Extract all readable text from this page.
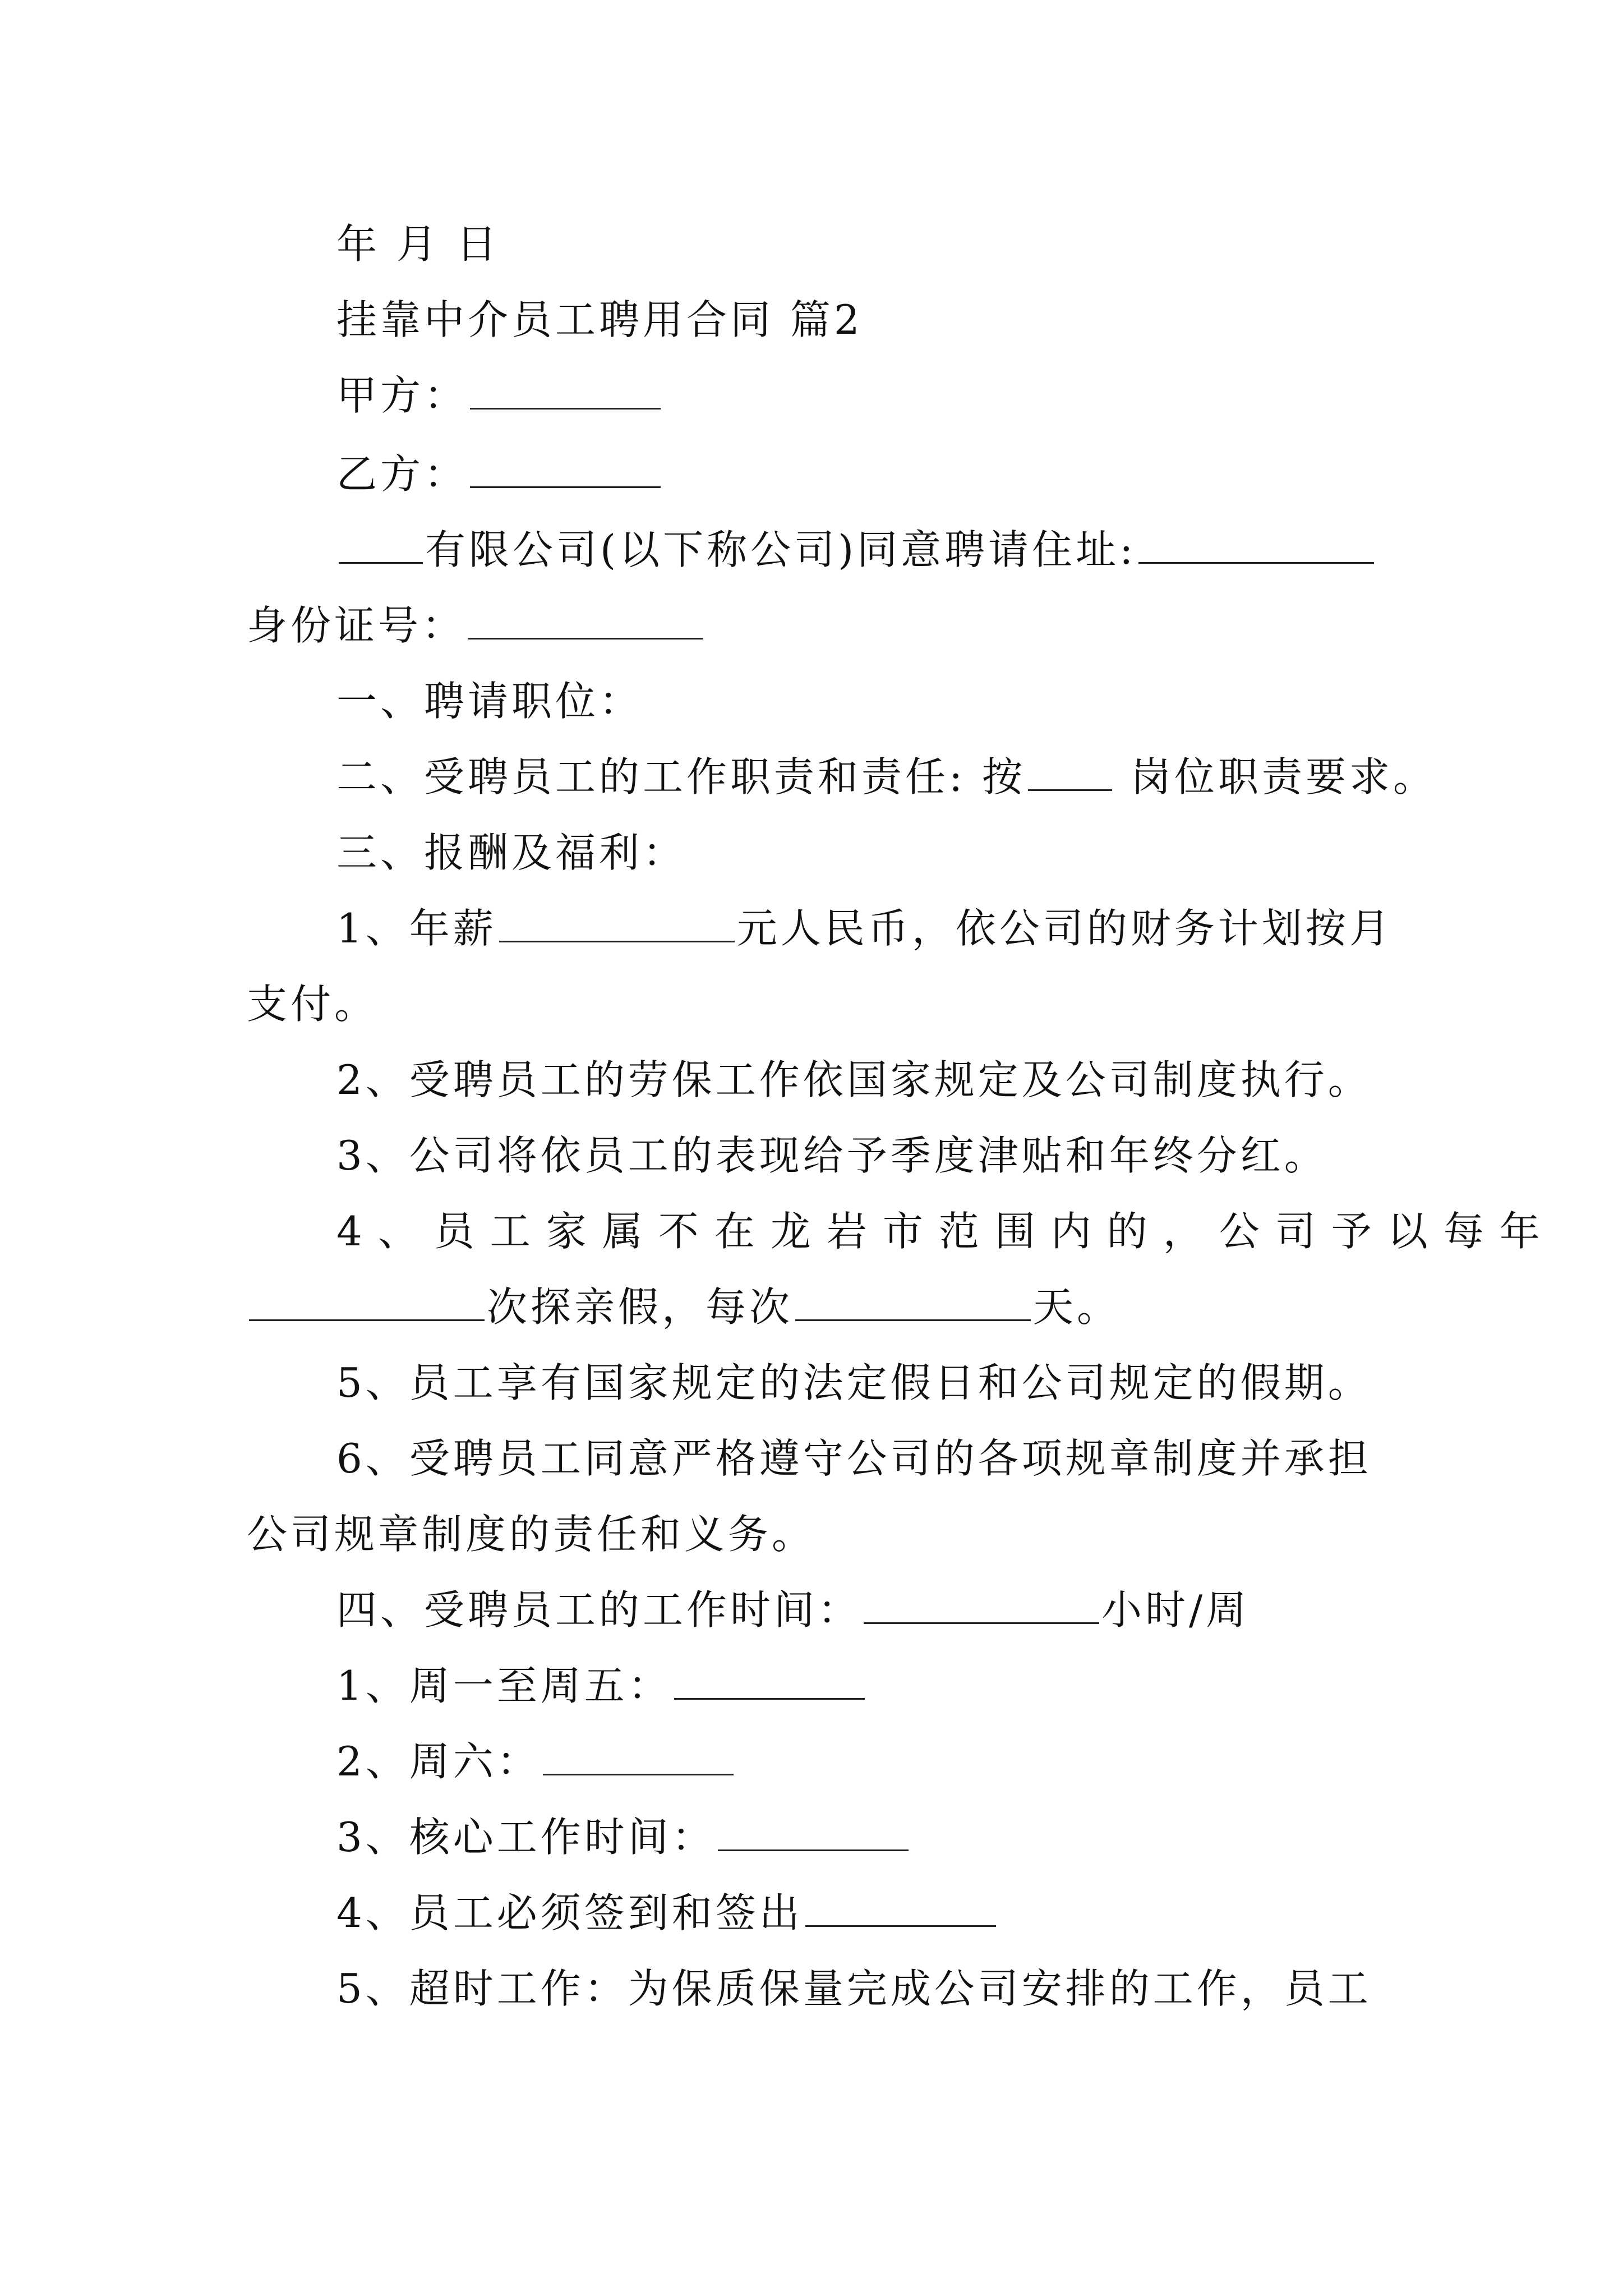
年 月 日
挂靠中介员工聘用合同 篇2
甲方：
乙方：
有限公司(以下称公司)同意聘请住址:
身份证号：
一、聘请职位：
二、受聘员工的工作职责和责任: 按 岗位职责要求。
三、报酬及福利：
1、年薪	元人民币，依公司的财务计划按月
支付。
2、受聘员工的劳保工作依国家规定及公司制度执行。
3、公司将依员工的表现给予季度津贴和年终分红。
4、员工家属不在龙岩市范围内的，公司予以每年
次探亲假，每次	天。
5、员工享有国家规定的法定假日和公司规定的假期。
6、受聘员工同意严格遵守公司的各项规章制度并承担
公司规章制度的责任和义务。
四、受聘员工的工作时间：	小时/周
1、周一至周五：
2、周六：
3、核心工作时间：
4、员工必须签到和签出
5、超时工作：为保质保量完成公司安排的工作，员工
